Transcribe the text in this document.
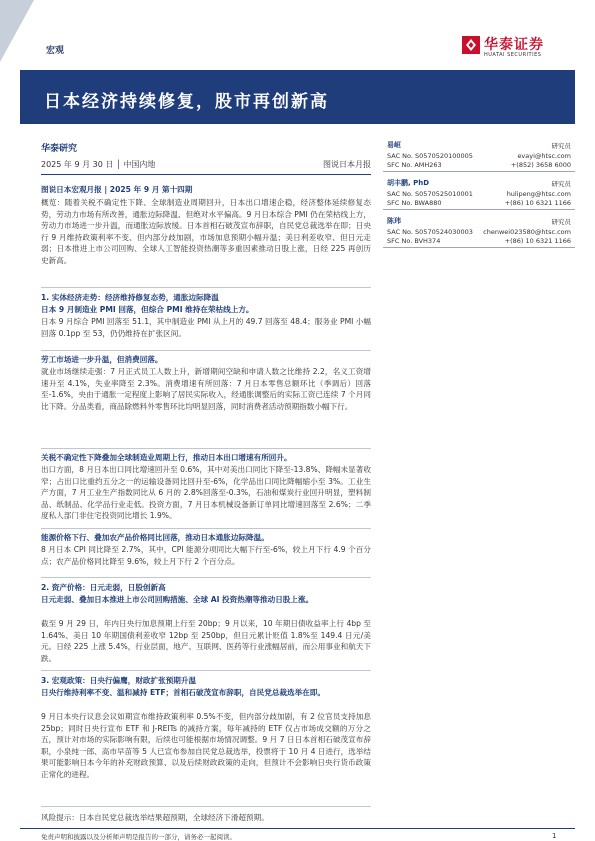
宏观	华泰证券
HUATAI SECURITIES
日本经济持续修复，股市再创新高
华泰研究
2025 年 9 月 30 日 │ 中国内地	图说日本月报
易峘	研究员
SAC No. S0570520100005	evayi@htsc.com
SFC No. AMH263	+(852) 3658 6000
胡丰鹏, PhD	研究员
SAC No. S0570525010001	hulipeng@htsc.com
SFC No. BWA880	+(86) 10 6321 1166
陈玮	研究员
SAC No. S0570524030003 chenwei023580@htsc.com
SFC No. BVH374	+(86) 10 6321 1166
图说日本宏观月报 | 2025 年 9 月 第十四期
概览：随着关税不确定性下降、全球制造业周期回升，日本出口增速企稳，经济整体延续修复态势，劳动力市场有所改善，通胀边际降温、但绝对水平偏高。9 月日本综合 PMI 仍在荣枯线上方，劳动力市场进一步升温，而通胀边际放缓。日本首相石破茂宣布辞职，自民党总裁选举在即；日央行 9 月维持政策利率不变、但内部分歧加剧，市场加息预期小幅升温；美日利差收窄、但日元走弱；日本推进上市公司回购、全球人工智能投资热潮等多重因素推动日股上涨，日经 225 再创历史新高。
1. 实体经济走势：经济维持修复态势，通胀边际降温
日本 9 月制造业 PMI 回落，但综合 PMI 维持在荣枯线上方。
日本 9 月综合 PMI 回落至 51.1，其中制造业 PMI 从上月的 49.7 回落至 48.4；服务业 PMI 小幅回落 0.1pp 至 53，仍仍维持在扩张区间。
劳工市场进一步升温，但消费回落。
就业市场继续走强：7 月正式员工人数上升，新增期间空缺和申请人数之比维持 2.2，名义工资增速升至 4.1%，失业率降至 2.3%。消费增速有所回落：7 月日本零售总额环比（季调后）回落至-1.6%，央由于通胀一定程度上影响了居民实际收入，经通胀调整后的实际工资已连续 7 个月同比下降。分品类看，商品除燃料外零售环比均明显回落，同时消费者活动预期指数小幅下行。
关税不确定性下降叠加全球制造业周期上行，推动日本出口增速有所回升。
出口方面，8 月日本出口同比增速回升至 0.6%，其中对美出口同比下降至-13.8%、降幅未显著收窄；占出口比重约五分之一的运输设备同比回升至-6%，化学品出口同比降幅缩小至 3%。工业生产方面，7 月工业生产指数同比从 6 月的 2.8%回落至-0.3%，石油和煤炭行业回升明显，塑料制品、纸制品、化学品行业走低。投资方面，7 月日本机械设备新订单同比增速回落至 2.6%；二季度私人部门非住宅投资同比增长 1.9%。
能源价格下行、叠加农产品价格同比回落，推动日本通胀边际降温。
8 月日本 CPI 同比降至 2.7%，其中，CPI 能源分项同比大幅下行至-6%，较上月下行 4.9 个百分点；农产品价格同比降至 9.6%，较上月下行 2 个百分点。
2. 资产价格：日元走弱，日股创新高
日元走弱、叠加日本推进上市公司回购措施、全球 AI 投资热潮等推动日股上涨。
截至 9 月 29 日，年内日央行加息预期上行至 20bp；9 月以来，10 年期日债收益率上行 4bp 至 1.64%、美日 10 年期国债利差收窄 12bp 至 250bp，但日元累计贬值 1.8%至 149.4 日元/美元。日经 225 上涨 5.4%，行业层面，地产、互联网、医药等行业涨幅居前，而公用事业和航天下跌。
3. 宏观政策：日央行偏鹰，财政扩张预期升温
日央行维持利率不变、温和减持 ETF；首相石破茂宣布辞职，自民党总裁选举在即。
9 月日本央行议息会议如期宣布维持政策利率 0.5%不变，但内部分歧加剧，有 2 位官员支持加息 25bp；同时日央行宣布 ETF 和 J-REITs 的减持方案，每年减持的 ETF 仅占市场成交额的万分之五，预计对市场的实际影响有限，后续也可能根据市场情况调整。9 月 7 日日本首相石破茂宣布辞职，小泉纯一郎、高市早苗等 5 人已宣布参加自民党总裁选举，投票将于 10 月 4 日进行，选举结果可能影响日本今年的补充财政预算、以及后续财政政策的走向，但预计不会影响日央行货币政策正常化的进程。
风险提示：日本自民党总裁选举结果超预期，全球经济下滑超预期。
免责声明和披露以及分析师声明是报告的一部分，请务必一起阅读。	1
